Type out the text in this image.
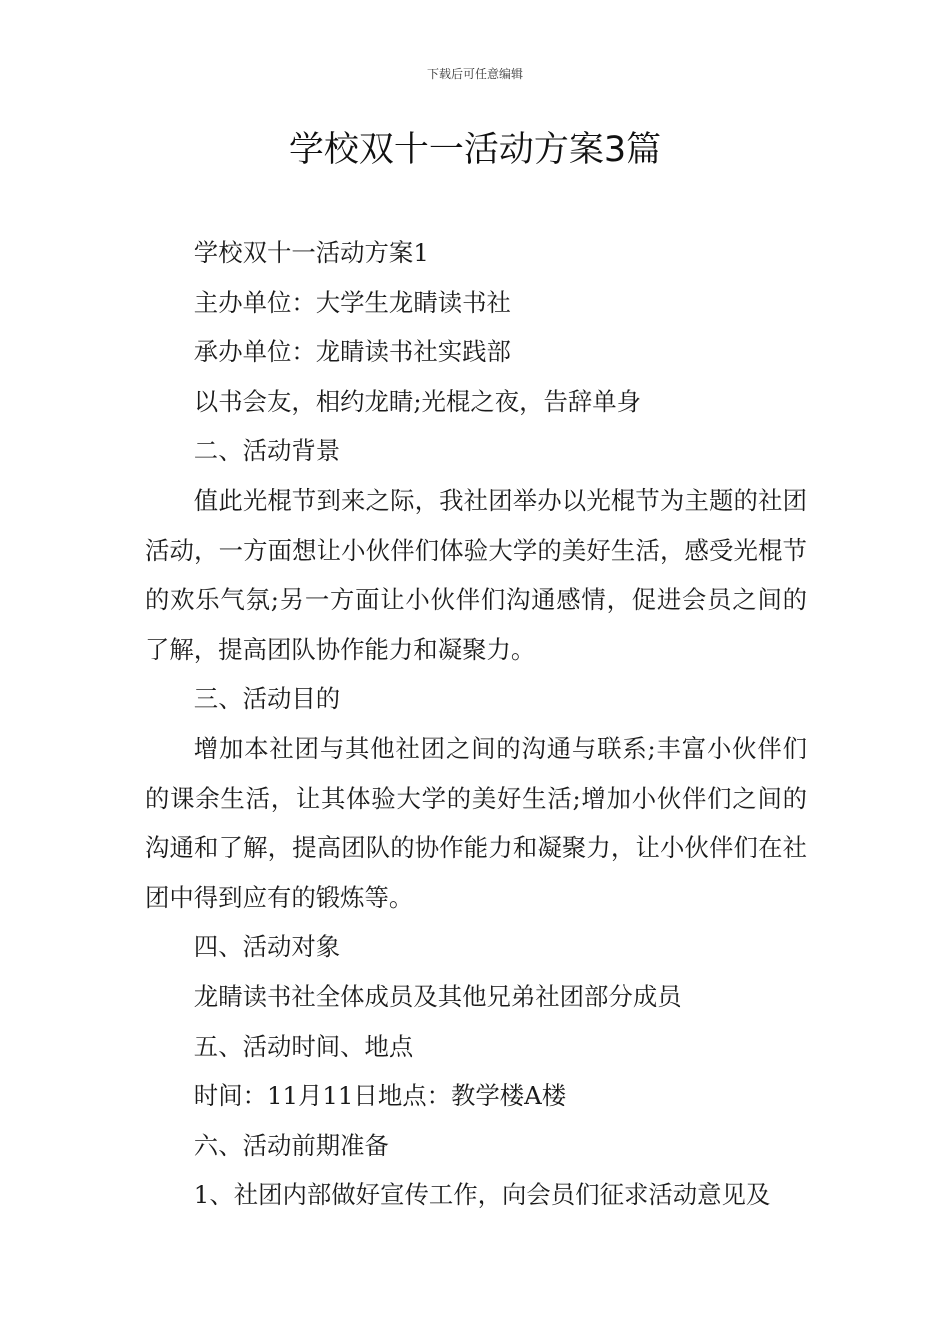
下载后可任意编辑
学校双十一活动方案3篇

学校双十一活动方案1

主办单位：大学生龙睛读书社

承办单位：龙睛读书社实践部

以书会友，相约龙睛;光棍之夜，告辞单身

二、活动背景

值此光棍节到来之际，我社团举办以光棍节为主题的社团活动，一方面想让小伙伴们体验大学的美好生活，感受光棍节的欢乐气氛;另一方面让小伙伴们沟通感情，促进会员之间的了解，提高团队协作能力和凝聚力。

三、活动目的

增加本社团与其他社团之间的沟通与联系;丰富小伙伴们的课余生活，让其体验大学的美好生活;增加小伙伴们之间的沟通和了解，提高团队的协作能力和凝聚力，让小伙伴们在社团中得到应有的锻炼等。

四、活动对象

龙睛读书社全体成员及其他兄弟社团部分成员

五、活动时间、地点

时间：11月11日地点：教学楼A楼

六、活动前期准备

1、社团内部做好宣传工作，向会员们征求活动意见及
